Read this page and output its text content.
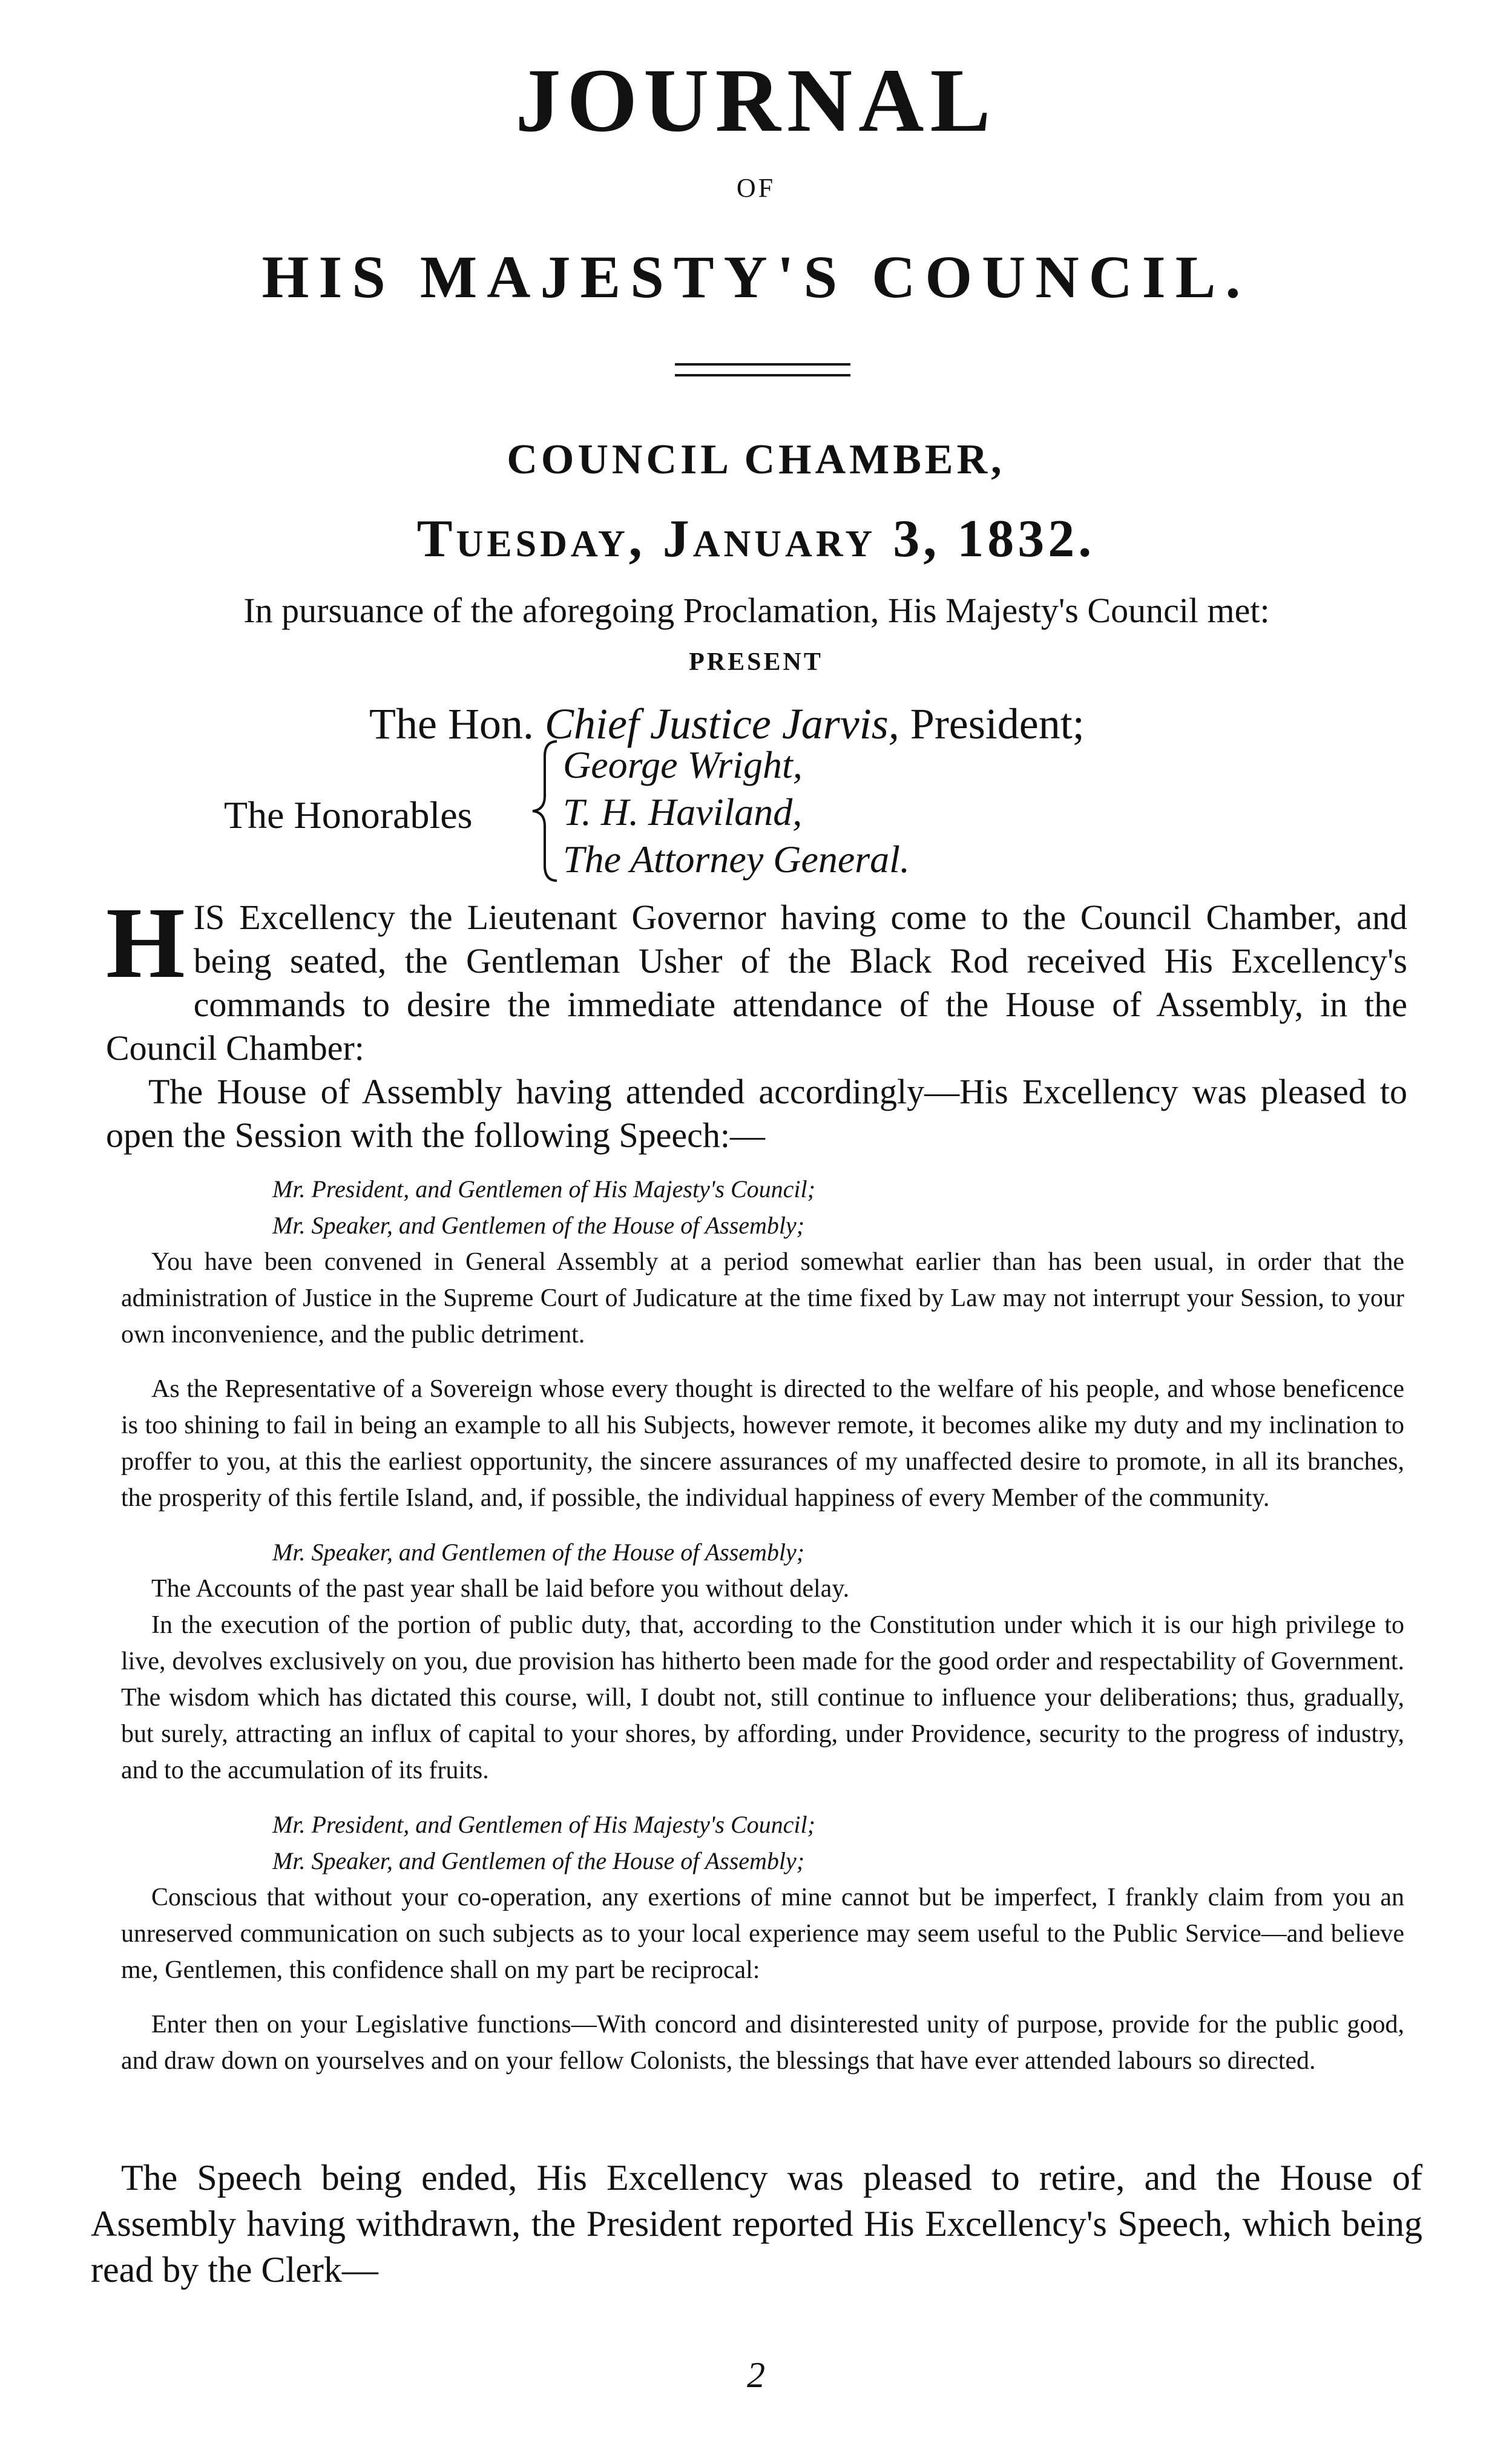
JOURNAL
OF
HIS MAJESTY'S COUNCIL.
COUNCIL CHAMBER,
Tuesday, January 3, 1832.
In pursuance of the aforegoing Proclamation, His Majesty's Council met:
PRESENT
The Hon. Chief Justice Jarvis, President;
The Honorables
George Wright,
T. H. Haviland,
The Attorney General.
H IS Excellency the Lieutenant Governor having come to the Council Chamber, and being seated, the Gentleman Usher of the Black Rod received His Excellency's commands to desire the immediate attendance of the House of Assembly, in the Council Chamber:

The House of Assembly having attended accordingly—His Excellency was pleased to open the Session with the following Speech:—

Mr. President, and Gentlemen of His Majesty's Council;
Mr. Speaker, and Gentlemen of the House of Assembly;

You have been convened in General Assembly at a period somewhat earlier than has been usual, in order that the administration of Justice in the Supreme Court of Judicature at the time fixed by Law may not interrupt your Session, to your own inconvenience, and the public detriment.

As the Representative of a Sovereign whose every thought is directed to the welfare of his people, and whose beneficence is too shining to fail in being an example to all his Subjects, however remote, it becomes alike my duty and my inclination to proffer to you, at this the earliest opportunity, the sincere assurances of my unaffected desire to promote, in all its branches, the prosperity of this fertile Island, and, if possible, the individual happiness of every Member of the community.

Mr. Speaker, and Gentlemen of the House of Assembly;

The Accounts of the past year shall be laid before you without delay.

In the execution of the portion of public duty, that, according to the Constitution under which it is our high privilege to live, devolves exclusively on you, due provision has hitherto been made for the good order and respectability of Government. The wisdom which has dictated this course, will, I doubt not, still continue to influence your deliberations; thus, gradually, but surely, attracting an influx of capital to your shores, by affording, under Providence, security to the progress of industry, and to the accumulation of its fruits.

Mr. President, and Gentlemen of His Majesty's Council;
Mr. Speaker, and Gentlemen of the House of Assembly;

Conscious that without your co-operation, any exertions of mine cannot but be imperfect, I frankly claim from you an unreserved communication on such subjects as to your local experience may seem useful to the Public Service—and believe me, Gentlemen, this confidence shall on my part be reciprocal:

Enter then on your Legislative functions—With concord and disinterested unity of purpose, provide for the public good, and draw down on yourselves and on your fellow Colonists, the blessings that have ever attended labours so directed.

The Speech being ended, His Excellency was pleased to retire, and the House of Assembly having withdrawn, the President reported His Excellency's Speech, which being read by the Clerk—
2
